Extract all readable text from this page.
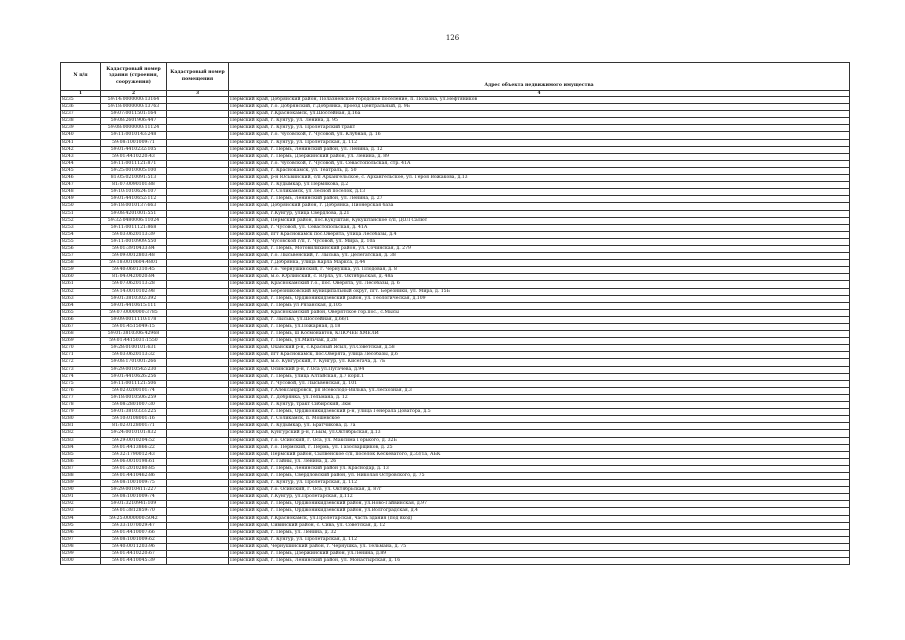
126
N п/п	Кадастровый номер здания (строения, сооружения)	Кадастровый номер помещения	Адрес объекта недвижимого имущества

1	2	3	4
8235	59:14:0000000:13164		Пермский край, Добрянский район, Полазненское городское поселение, п. Полазна, ул.Нефтяников
8236	59:18:0000000:13763		Пермский край, г.о. Добрянский, г.Добрянка, проезд Центральный, д. 9Б
8237	59:07:0011501:164		Пермский край, г.Краснокамск, ул.Шоссейная, д.16а
8238	59:08:2601906:447		Пермский край, г. Кунгур, ул. Ленина, д. 95
8239	59:08:0000000:11124		Пермский край, г. Кунгур, ул. Пролетарский тракт
8240	59:11:0010143:248		Пермский край, г.о. Чусовской, г. Чусовой, ул. Клубная, д. 16
8241	59:08:1001009:71		Пермский край, г. Кунгур, ул. Пролетарская, д. 112
8242	59:01:4410232:105		Пермский край, г. Пермь, Ленинский район, ул. Ленина, д. 12
8243	59:01:4410220:43		Пермский край, г. Пермь, Дзержинский район, ул. Ленина, д. 89
8244	59:11:0011121:871		Пермский край, г.о. Чусовской, г. Чусовой, ул. Севастопольская, стр. 41А
8245	59:25:0010005:100		Пермский край, г. Краснокамск, ул. Театраль, д. 50
8246	81:05:0210091:513		Пермский край, р-н Юсьвинский, с/п Архангельское, с. Архангельское, ул. Героя Вожакова, д.13
8247	81:07:0090101:88		Пермский край, г. Кудымкар, ул Пермякова, д.2
8248	59:10:1010624:107		Пермский край, г. Соликамск, ул Лесной поселок, д.13
8249	59:01:4410652:112		Пермский край, г. Пермь, Ленинский район, ул. Ленина, д. 27
8250	59:18:0010137:663		Пермский край, Добрянский район, г. Добрянка, Пионерская база
8251	59:08:4201001:551		Пермский край, г.Кунгур, улица Свердлова, д.21
8252	59:32:0480006:11024		Пермский край, Пермский район, пос.Кукуштан, Кукуштанское с/п, ДОЛ Салют
8253	59:11:0011121:868		Пермский край, г. Чусовой, ул. Севастопольская, д. 41А
8254	59:03:0620113:39		Пермский край, пгт Краснокамск пос.Оверята, улица Лесобазы, д.4
8255	59:11:0010909:550		Пермский край, Чусовской г/п, г. Чусовой, ул. Мира, д. 10а
8256	59:01:3910433:84		Пермский край, г. Пермь, Мотовилихинский район, ул. Сочинская, д. 279
8257	59:09:0012803:48		Пермский край, г.о. Лысьвенский, г. Лысьва, ул. Делегатская, д. 38
8258	59:18:0010604:4801		Пермский край, г.Добрянка, улица Карла Маркса, д.44
8259	59:40:0601310:45		Пермский край, г.о. Чернушинский, г. Чернушка, ул. Плодовая, д. 8
8260	81:04:0420020:84		Пермский край, м.о. Юрлинский, с. Юрла, ул. Октябрьская, д. 48а
8261	59:07:0620113:28		Пермский край, Краснокамский г.о., пос. Оверята, ул. Лесобазы, д. 6
8262	59:14:0010102:98		Пермский край, Березниковский муниципальный округ, пгт. Березники, ул. Мира, д. 15Б
8263	59:01:3810302:392		Пермский край, г. Пермь, Орджоникидзевский район, ул. Геологическая, д.109
8264	59:01:4410615:111		Пермский край, г. Пермь ул Рязанская, д.105
8265	59:07:0000000:3785		Пермский край, Краснокамский район, Оверятское гор.пос., с.Мысы
8266	59:09:0011110:178		Пермский край, г. Лысьва, ул.Шоссейная, д.66/1
8267	59:01:4515049:15		Пермский край, г. Пермь, ул.Пожарная, д.18
8268	59:01:3810306:42968		Пермский край, г. Пермь, ш Космонавтов, КЛЮЧЕЕ ХМЕЛИ
8269	59:01:4415031:1550		Пермский край, г. Пермь, ул.Мильчак, д.28
8270	59:28:0100101:631		Пермский край, Оханский р-н, с.Красный Ясыл, ул.Советская, д.58
8271	59:03:0620113:32		Пермский край, пгт Краснокамск, пос.Оверята, улица Лесобазы, д.6
8272	59:08:1701001:266		Пермский край, м.о. Кунгурский, г. Кунгур, ул. Кисегача, д. 7Б
8273	59:29:0010542:230		Пермский край, Осинский р-н, г.Оса ул.Пугачева, д.94
8274	59:01:4410626:256		Пермский край, г. Пермь, улица Алтайская, д.7 корп.1
8275	59:11:0011121:506		Пермский край, г. Чусовой, ул. Лысьвенская, д. 101
8276	59:02:0200101:74		Пермский край, г.Александровск, рп Всеволодо-Вильва, ул.Лесхозная, д.3
8277	59:18:0010506:259		Пермский край, г. Добрянка, ул.Тельмана, д. 12
8278	59:08:2801007:30		Пермский край, г. Кунгур, тракт Сибирский, 3км
8279	59:01:3810333:225		Пермский край, г. Пермь, Орджоникидзевский р-н, улица Генерала Доватора, д.5
8280	59:10:0108001:16		Пермский край, г. Соликамск, п. Мошевское
8281	81:02:0128001:71		Пермский край, г. Кудымкар, ул. Братчикова, д. 7а
8282	59:24:0010101:832		Пермский край, Кунгурский р-н, г.Бым, ул.Октябрьская, д.13
8283	59:29:0010204:52		Пермский край, г.о. Осинский, г. Оса, ул. Максима Горького, д. 32Б
8284	59:01:4413866:22		Пермский край, г.о. Пермский, г. Пермь, ул. Газосварщиков, д. 25
8285	59:32:1790012:43		Пермский край, Пермский район, Сылвенское с/п, поселок Кескеватого, д.33/1а, АБК
8286	59:06:0010198:61		Пермский край, г. Гайны, ул. Ленина, д. 26
8287	59:01:2010280:85		Пермский край, г. Пермь, Ленинский район ул. Краснодар, д. 13
8288	59:01:4410462:86		Пермский край, г. Пермь, Свердловский район, ул. Николая Островского, д. 75
8289	59:08:1001009:75		Пермский край, г. Кунгур, ул. Пролетарская, д. 112
8290	59:29:0010411:227		Пермский край, г.о. Осинский, г. Оса, ул. Октябрьская, д. 87г
8291	59:08:1001009:74		Пермский край, г.Кунгур, ул.Пролетарская, д.112
8292	59:01:3210941:109		Пермский край, г. Пермь, Орджоникидзевский район, ул.Ново-Гайвинская, д.97
8293	59:01:3812859:70		Пермский край, г. Пермь, Орджоникидзевский район, ул.Волгоградская, д.4
8294	59:25:0000000:5042		Пермский край, г.Краснокамск, ул.Пролетарская, часть здания (под вход)
8295	59:33:1070029:47		Пермский край, Сивинский район, с. Сива, ул. Советская, д. 12
8296	59:01:4410007:66		Пермский край, г. Пермь, ул. Ленина, д. 32
8297	59:08:1001009:62		Пермский край, г. Кунгур, ул. Пролетарская, д. 112
8298	59:40:0011203:96		Пермский край, Чернушинский район, г. Чернушка, ул. Тельмана, д. 75
8299	59:01:4410220:67		Пермский край, г. Пермь, Дзержинский район, ул.Ленина, д.89
8300	59:01:4410045:39		Пермский край, г. Пермь, Ленинский район, ул. Монастырская, д. 16
